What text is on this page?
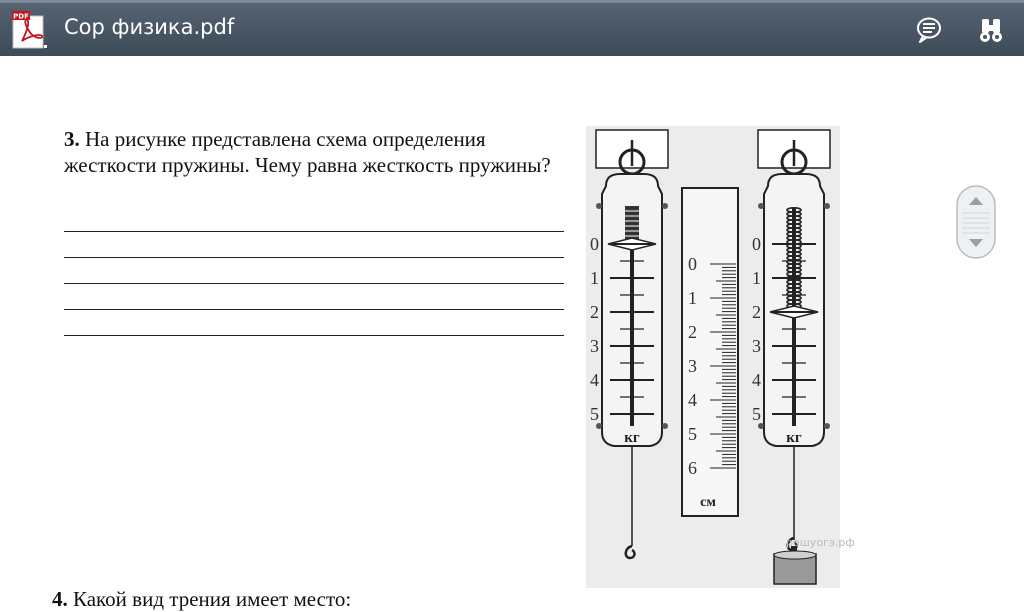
PDF Сор физика.pdf
3. На рисунке представлена схема определения жесткости пружины. Чему равна жесткость пружины?
0
1
2
3
4
5
кг
0
1
2
3
4
5
6
см
0
1
2
3
4
5
кг
решуогэ.рф
4. Какой вид трения имеет место:
